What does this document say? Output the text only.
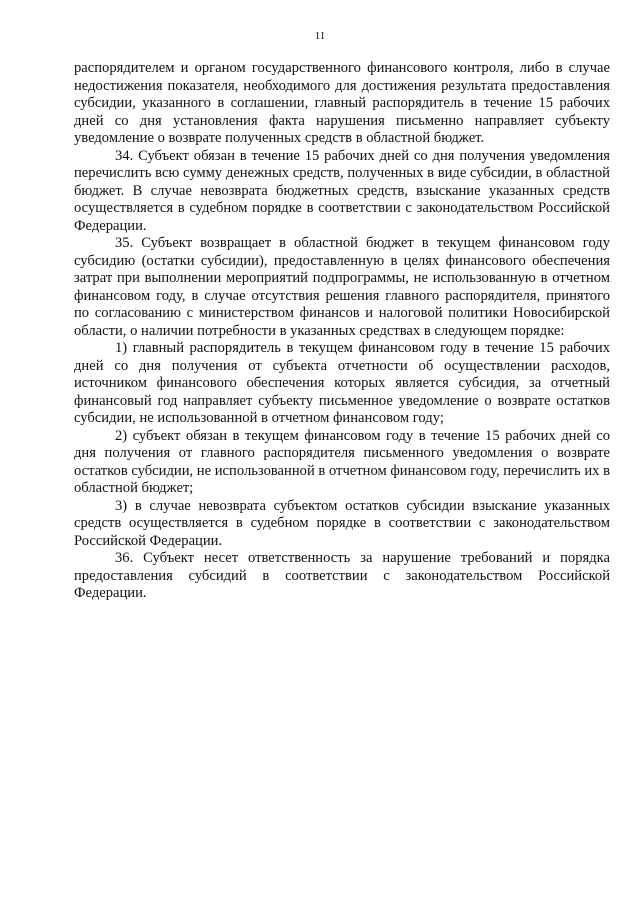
11

распорядителем и органом государственного финансового контроля, либо в случае недостижения показателя, необходимого для достижения результата предоставления субсидии, указанного в соглашении, главный распорядитель в течение 15 рабочих дней со дня установления факта нарушения письменно направляет субъекту уведомление о возврате полученных средств в областной бюджет.

34. Субъект обязан в течение 15 рабочих дней со дня получения уведомления перечислить всю сумму денежных средств, полученных в виде субсидии, в областной бюджет. В случае невозврата бюджетных средств, взыскание указанных средств осуществляется в судебном порядке в соответствии с законодательством Российской Федерации.

35. Субъект возвращает в областной бюджет в текущем финансовом году субсидию (остатки субсидии), предоставленную в целях финансового обеспечения затрат при выполнении мероприятий подпрограммы, не использованную в отчетном финансовом году, в случае отсутствия решения главного распорядителя, принятого по согласованию с министерством финансов и налоговой политики Новосибирской области, о наличии потребности в указанных средствах в следующем порядке:

1) главный распорядитель в текущем финансовом году в течение 15 рабочих дней со дня получения от субъекта отчетности об осуществлении расходов, источником финансового обеспечения которых является субсидия, за отчетный финансовый год направляет субъекту письменное уведомление о возврате остатков субсидии, не использованной в отчетном финансовом году;

2) субъект обязан в текущем финансовом году в течение 15 рабочих дней со дня получения от главного распорядителя письменного уведомления о возврате остатков субсидии, не использованной в отчетном финансовом году, перечислить их в областной бюджет;

3) в случае невозврата субъектом остатков субсидии взыскание указанных средств осуществляется в судебном порядке в соответствии с законодательством Российской Федерации.

36. Субъект несет ответственность за нарушение требований и порядка предоставления субсидий в соответствии с законодательством Российской Федерации.
